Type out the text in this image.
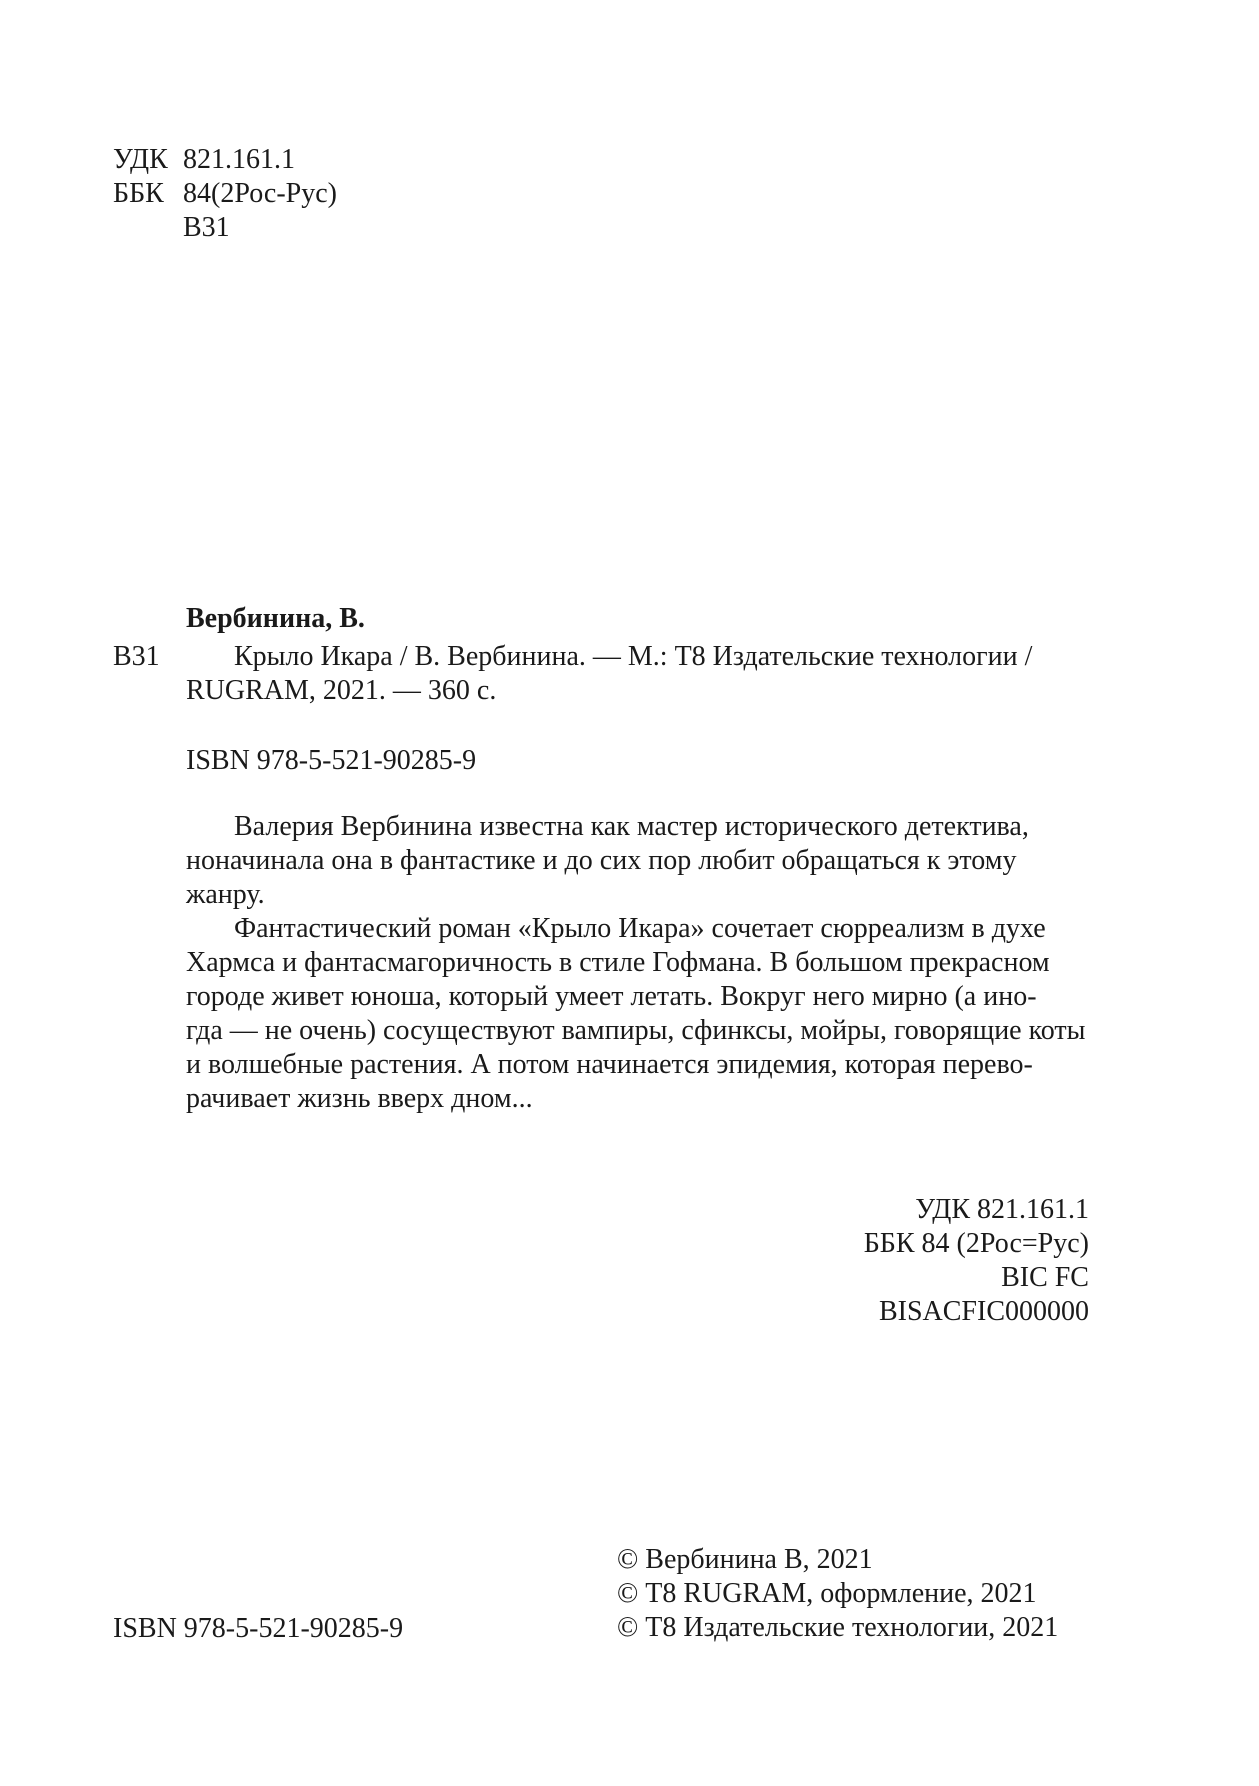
УДК 821.161.1
ББК 84(2Рос-Рус)
В31
Вербинина, В.
В31	Крыло Икара / В. Вербинина. — М.: Т8 Издательские технологии /
RUGRAM, 2021. — 360 с.
ISBN 978-5-521-90285-9
Валерия Вербинина известна как мастер исторического детектива,
ноначинала она в фантастике и до сих пор любит обращаться к этому
жанру.
Фантастический роман «Крыло Икара» сочетает сюрреализм в духе
Хармса и фантасмагоричность в стиле Гофмана. В большом прекрасном
городе живет юноша, который умеет летать. Вокруг него мирно (а ино-
гда — не очень) сосуществуют вампиры, сфинксы, мойры, говорящие коты
и волшебные растения. А потом начинается эпидемия, которая перево-
рачивает жизнь вверх дном...
УДК 821.161.1
ББК 84 (2Рос=Рус)
BIC FC
BISACFIC000000
ISBN 978-5-521-90285-9
© Вербинина В, 2021
© Т8 RUGRAM, оформление, 2021
© Т8 Издательские технологии, 2021
